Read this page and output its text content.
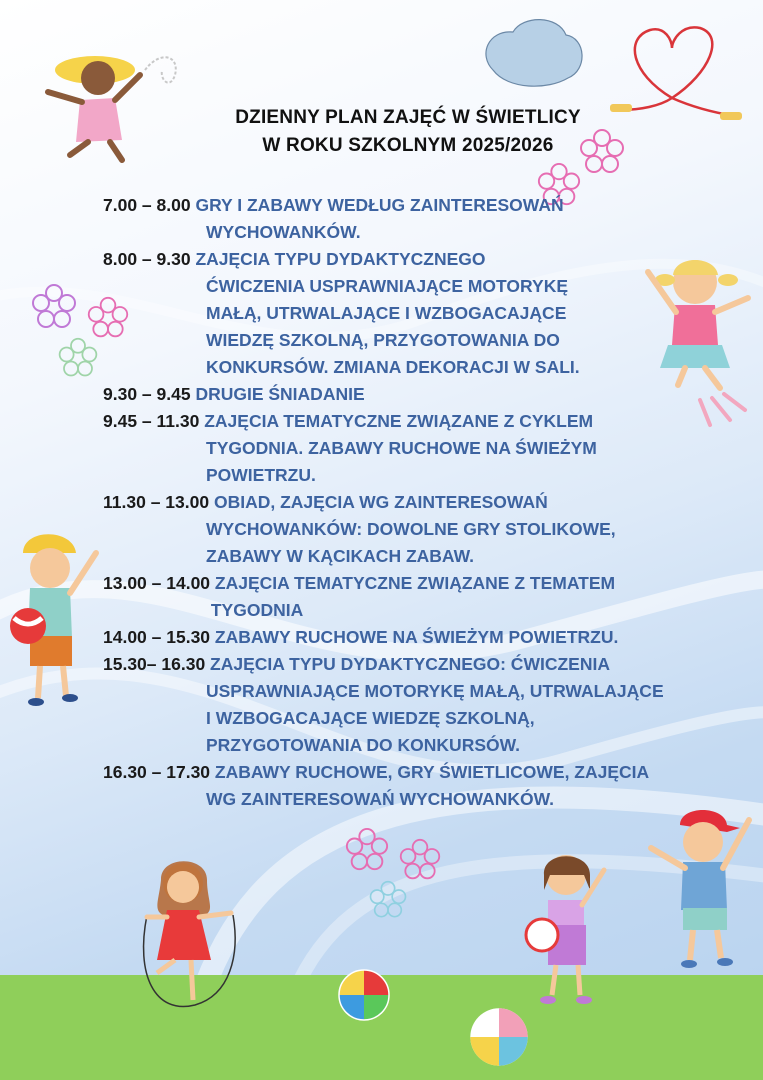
DZIENNY PLAN ZAJĘĆ W ŚWIETLICY
W ROKU SZKOLNYM 2025/2026
7.00 – 8.00 GRY I ZABAWY WEDŁUG ZAINTERESOWAŃ
WYCHOWANKÓW.
8.00 – 9.30 ZAJĘCIA TYPU DYDAKTYCZNEGO
ĆWICZENIA USPRAWNIAJĄCE MOTORYKĘ
MAŁĄ, UTRWALAJĄCE I WZBOGACAJĄCE
WIEDZĘ SZKOLNĄ, PRZYGOTOWANIA DO
KONKURSÓW. ZMIANA DEKORACJI W SALI.
9.30 – 9.45 DRUGIE ŚNIADANIE
9.45 – 11.30 ZAJĘCIA TEMATYCZNE ZWIĄZANE Z CYKLEM
TYGODNIA. ZABAWY RUCHOWE NA ŚWIEŻYM
POWIETRZU.
11.30 – 13.00 OBIAD, ZAJĘCIA WG ZAINTERESOWAŃ
WYCHOWANKÓW: DOWOLNE GRY STOLIKOWE,
ZABAWY W KĄCIKACH ZABAW.
13.00 – 14.00 ZAJĘCIA TEMATYCZNE ZWIĄZANE Z TEMATEM
TYGODNIA
14.00 – 15.30 ZABAWY RUCHOWE NA ŚWIEŻYM POWIETRZU.
15.30– 16.30 ZAJĘCIA TYPU DYDAKTYCZNEGO: ĆWICZENIA
USPRAWNIAJĄCE MOTORYKĘ MAŁĄ, UTRWALAJĄCE
I WZBOGACAJĄCE WIEDZĘ SZKOLNĄ,
PRZYGOTOWANIA DO KONKURSÓW.
16.30 – 17.30 ZABAWY RUCHOWE, GRY ŚWIETLICOWE, ZAJĘCIA
WG ZAINTERESOWAŃ WYCHOWANKÓW.
